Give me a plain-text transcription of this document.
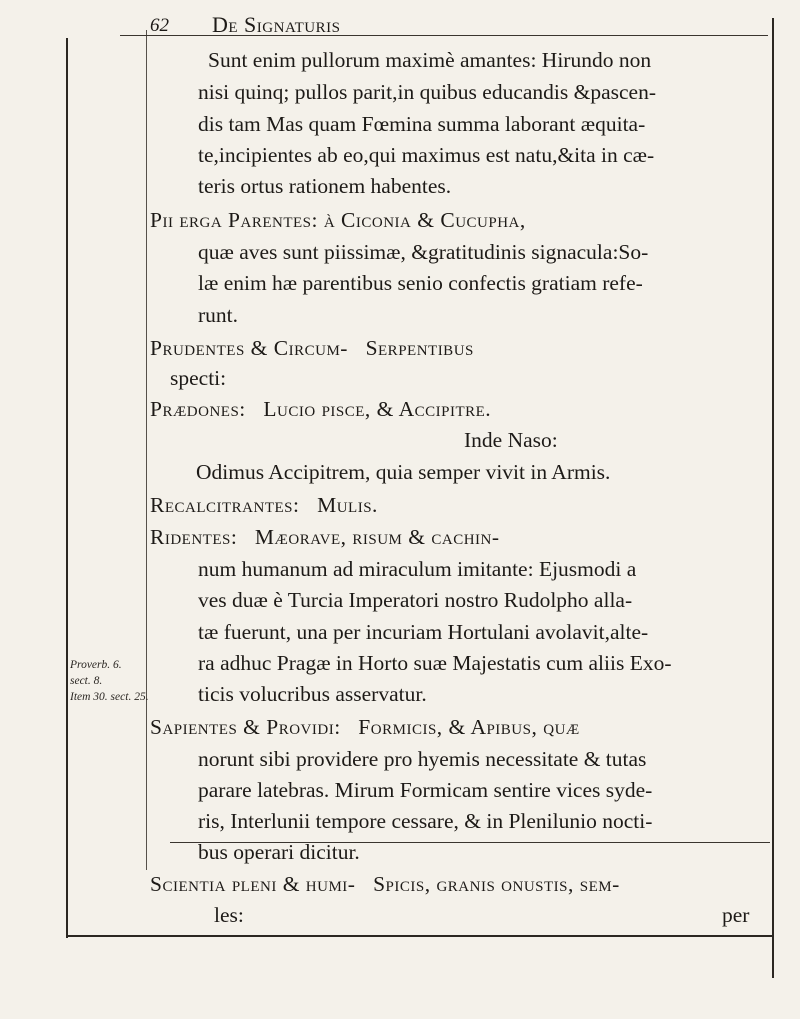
62 De Signaturis
Proverb. 6.
sect. 8.
Item 30. sect. 25.
Sunt enim pullorum maximè amantes: Hirundo non
nisi quinq; pullos parit,in quibus educandis &pascen-
dis tam Mas quam Fœmina summa laborant æquita-
te,incipientes ab eo,qui maximus est natu,&ita in cæ-
teris ortus rationem habentes.
Pii erga Parentes: à Ciconia & Cucupha,
quæ aves sunt piissimæ, &gratitudinis signacula:So-
læ enim hæ parentibus senio confectis gratiam refe-
runt.
Prudentes & Circum-   Serpentibus
specti:
Prædones:   Lucio pisce, & Accipitre.
Inde Naso:
Odimus Accipitrem, quia semper vivit in Armis.
Recalcitrantes:   Mulis.
Ridentes:   Mæorave, risum & cachin-
num humanum ad miraculum imitante: Ejusmodi a
ves duæ è Turcia Imperatori nostro Rudolpho alla-
tæ fuerunt, una per incuriam Hortulani avolavit,alte-
ra adhuc Pragæ in Horto suæ Majestatis cum aliis Exo-
ticis volucribus asservatur.
Sapientes & Providi:   Formicis, & Apibus, quæ
norunt sibi providere pro hyemis necessitate & tutas
parare latebras. Mirum Formicam sentire vices syde-
ris, Interlunii tempore cessare, & in Plenilunio nocti-
bus operari dicitur.
Scientia pleni & humi-   Spicis, granis onustis, sem-
les:	per
